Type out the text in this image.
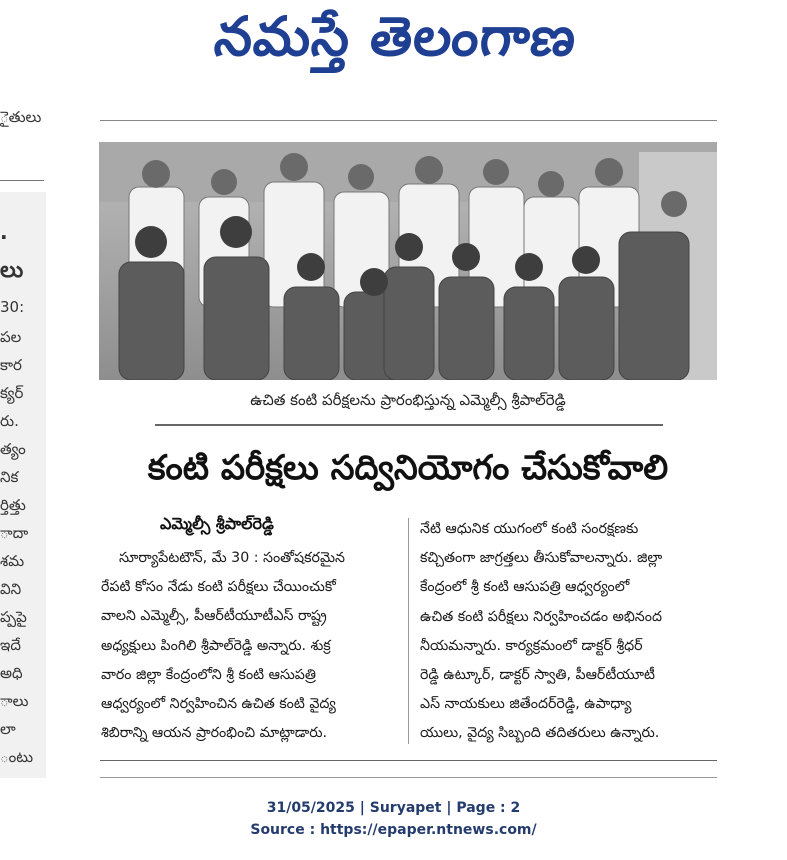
నమస్తే తెలంగాణ
ైతులు
.
లు
30:
పల
కార
క్యర్
రు.
త్యం
నిక
ర్తిత్తు
ాదా
శమ
విని
ప్పపై
ఇదే
అధి
ాలు
లా
ంటు
ఉచిత కంటి పరీక్షలను ప్రారంభిస్తున్న ఎమ్మెల్సీ శ్రీపాల్‌రెడ్డి
కంటి పరీక్షలు సద్వినియోగం చేసుకోవాలి
ఎమ్మెల్సీ శ్రీపాల్‌రెడ్డి
సూర్యాపేటటౌన్‌, మే 30 : సంతోషకరమైన
రేపటి కోసం నేడు కంటి పరీక్షలు చేయించుకో
వాలని ఎమ్మెల్సీ, పీఆర్‌టీయూటీఎస్‌ రాష్ట్ర
అధ్యక్షులు పింగిలి శ్రీపాల్‌రెడ్డి అన్నారు. శుక్ర
వారం జిల్లా కేంద్రంలోని శ్రీ కంటి ఆసుపత్రి
ఆధ్వర్యంలో నిర్వహించిన ఉచిత కంటి వైద్య
శిబిరాన్ని ఆయన ప్రారంభించి మాట్లాడారు.
నేటి ఆధునిక యుగంలో కంటి సంరక్షణకు
కచ్చితంగా జాగ్రత్తలు తీసుకోవాలన్నారు. జిల్లా
కేంద్రంలో శ్రీ కంటి ఆసుపత్రి ఆధ్వర్యంలో
ఉచిత కంటి పరీక్షలు నిర్వహించడం అభినంద
నీయమన్నారు. కార్యక్రమంలో డాక్టర్‌ శ్రీధర్‌
రెడ్డి ఉట్కూర్‌, డాక్టర్‌ స్వాతి, పీఆర్‌టీయూటీ
ఎస్‌ నాయకులు జితేందర్‌రెడ్డి, ఉపాధ్యా
యులు, వైద్య సిబ్బంది తదితరులు ఉన్నారు.
31/05/2025 | Suryapet | Page : 2
Source : https://epaper.ntnews.com/
